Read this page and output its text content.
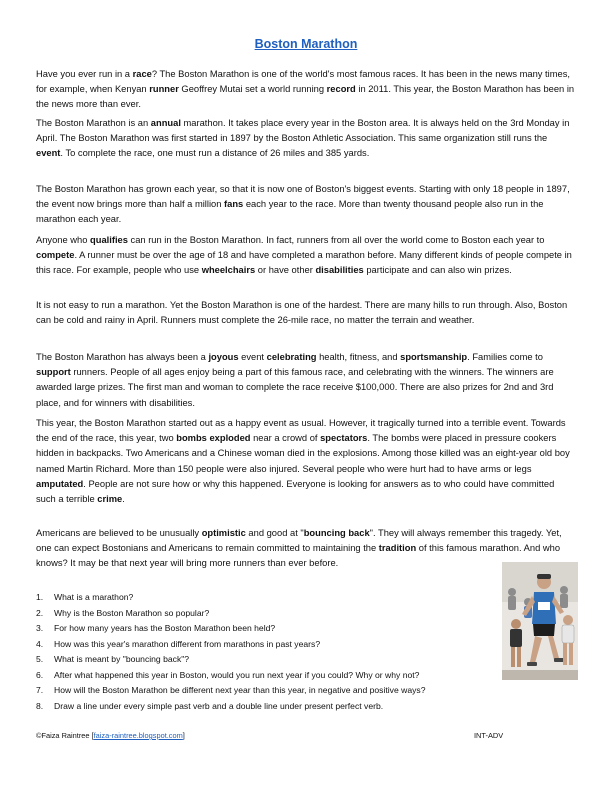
Boston Marathon

Have you ever run in a race? The Boston Marathon is one of the world's most famous races. It has been in the news many times, for example, when Kenyan runner Geoffrey Mutai set a world running record in 2011. This year, the Boston Marathon has been in the news more than ever.

The Boston Marathon is an annual marathon. It takes place every year in the Boston area. It is always held on the 3rd Monday in April. The Boston Marathon was first started in 1897 by the Boston Athletic Association. This same organization still runs the event. To complete the race, one must run a distance of 26 miles and 385 yards.

The Boston Marathon has grown each year, so that it is now one of Boston's biggest events. Starting with only 18 people in 1897, the event now brings more than half a million fans each year to the race. More than twenty thousand people also run in the marathon each year.

Anyone who qualifies can run in the Boston Marathon. In fact, runners from all over the world come to Boston each year to compete. A runner must be over the age of 18 and have completed a marathon before. Many different kinds of people compete in this race. For example, people who use wheelchairs or have other disabilities participate and can also win prizes.

It is not easy to run a marathon. Yet the Boston Marathon is one of the hardest. There are many hills to run through. Also, Boston can be cold and rainy in April. Runners must complete the 26-mile race, no matter the terrain and weather.

The Boston Marathon has always been a joyous event celebrating health, fitness, and sportsmanship. Families come to support runners. People of all ages enjoy being a part of this famous race, and celebrating with the winners. The winners are awarded large prizes. The first man and woman to complete the race receive $100,000. There are also prizes for 2nd and 3rd place, and for winners with disabilities.

This year, the Boston Marathon started out as a happy event as usual. However, it tragically turned into a terrible event. Towards the end of the race, this year, two bombs exploded near a crowd of spectators. The bombs were placed in pressure cookers hidden in backpacks. Two Americans and a Chinese woman died in the explosions. Among those killed was an eight-year old boy named Martin Richard. More than 150 people were also injured. Several people who were hurt had to have arms or legs amputated. People are not sure how or why this happened. Everyone is looking for answers as to who could have committed such a terrible crime.

Americans are believed to be unusually optimistic and good at "bouncing back". They will always remember this tragedy. Yet, one can expect Bostonians and Americans to remain committed to maintaining the tradition of this famous marathon. And who knows? It may be that next year will bring more runners than ever before.

1. What is a marathon?
2. Why is the Boston Marathon so popular?
3. For how many years has the Boston Marathon been held?
4. How was this year's marathon different from marathons in past years?
5. What is meant by "bouncing back"?
6. After what happened this year in Boston, would you run next year if you could? Why or why not?
7. How will the Boston Marathon be different next year than this year, in negative and positive ways?
8. Draw a line under every simple past verb and a double line under present perfect verb.
©Faiza Raintree [faiza-raintree.blogspot.com]	INT-ADV
